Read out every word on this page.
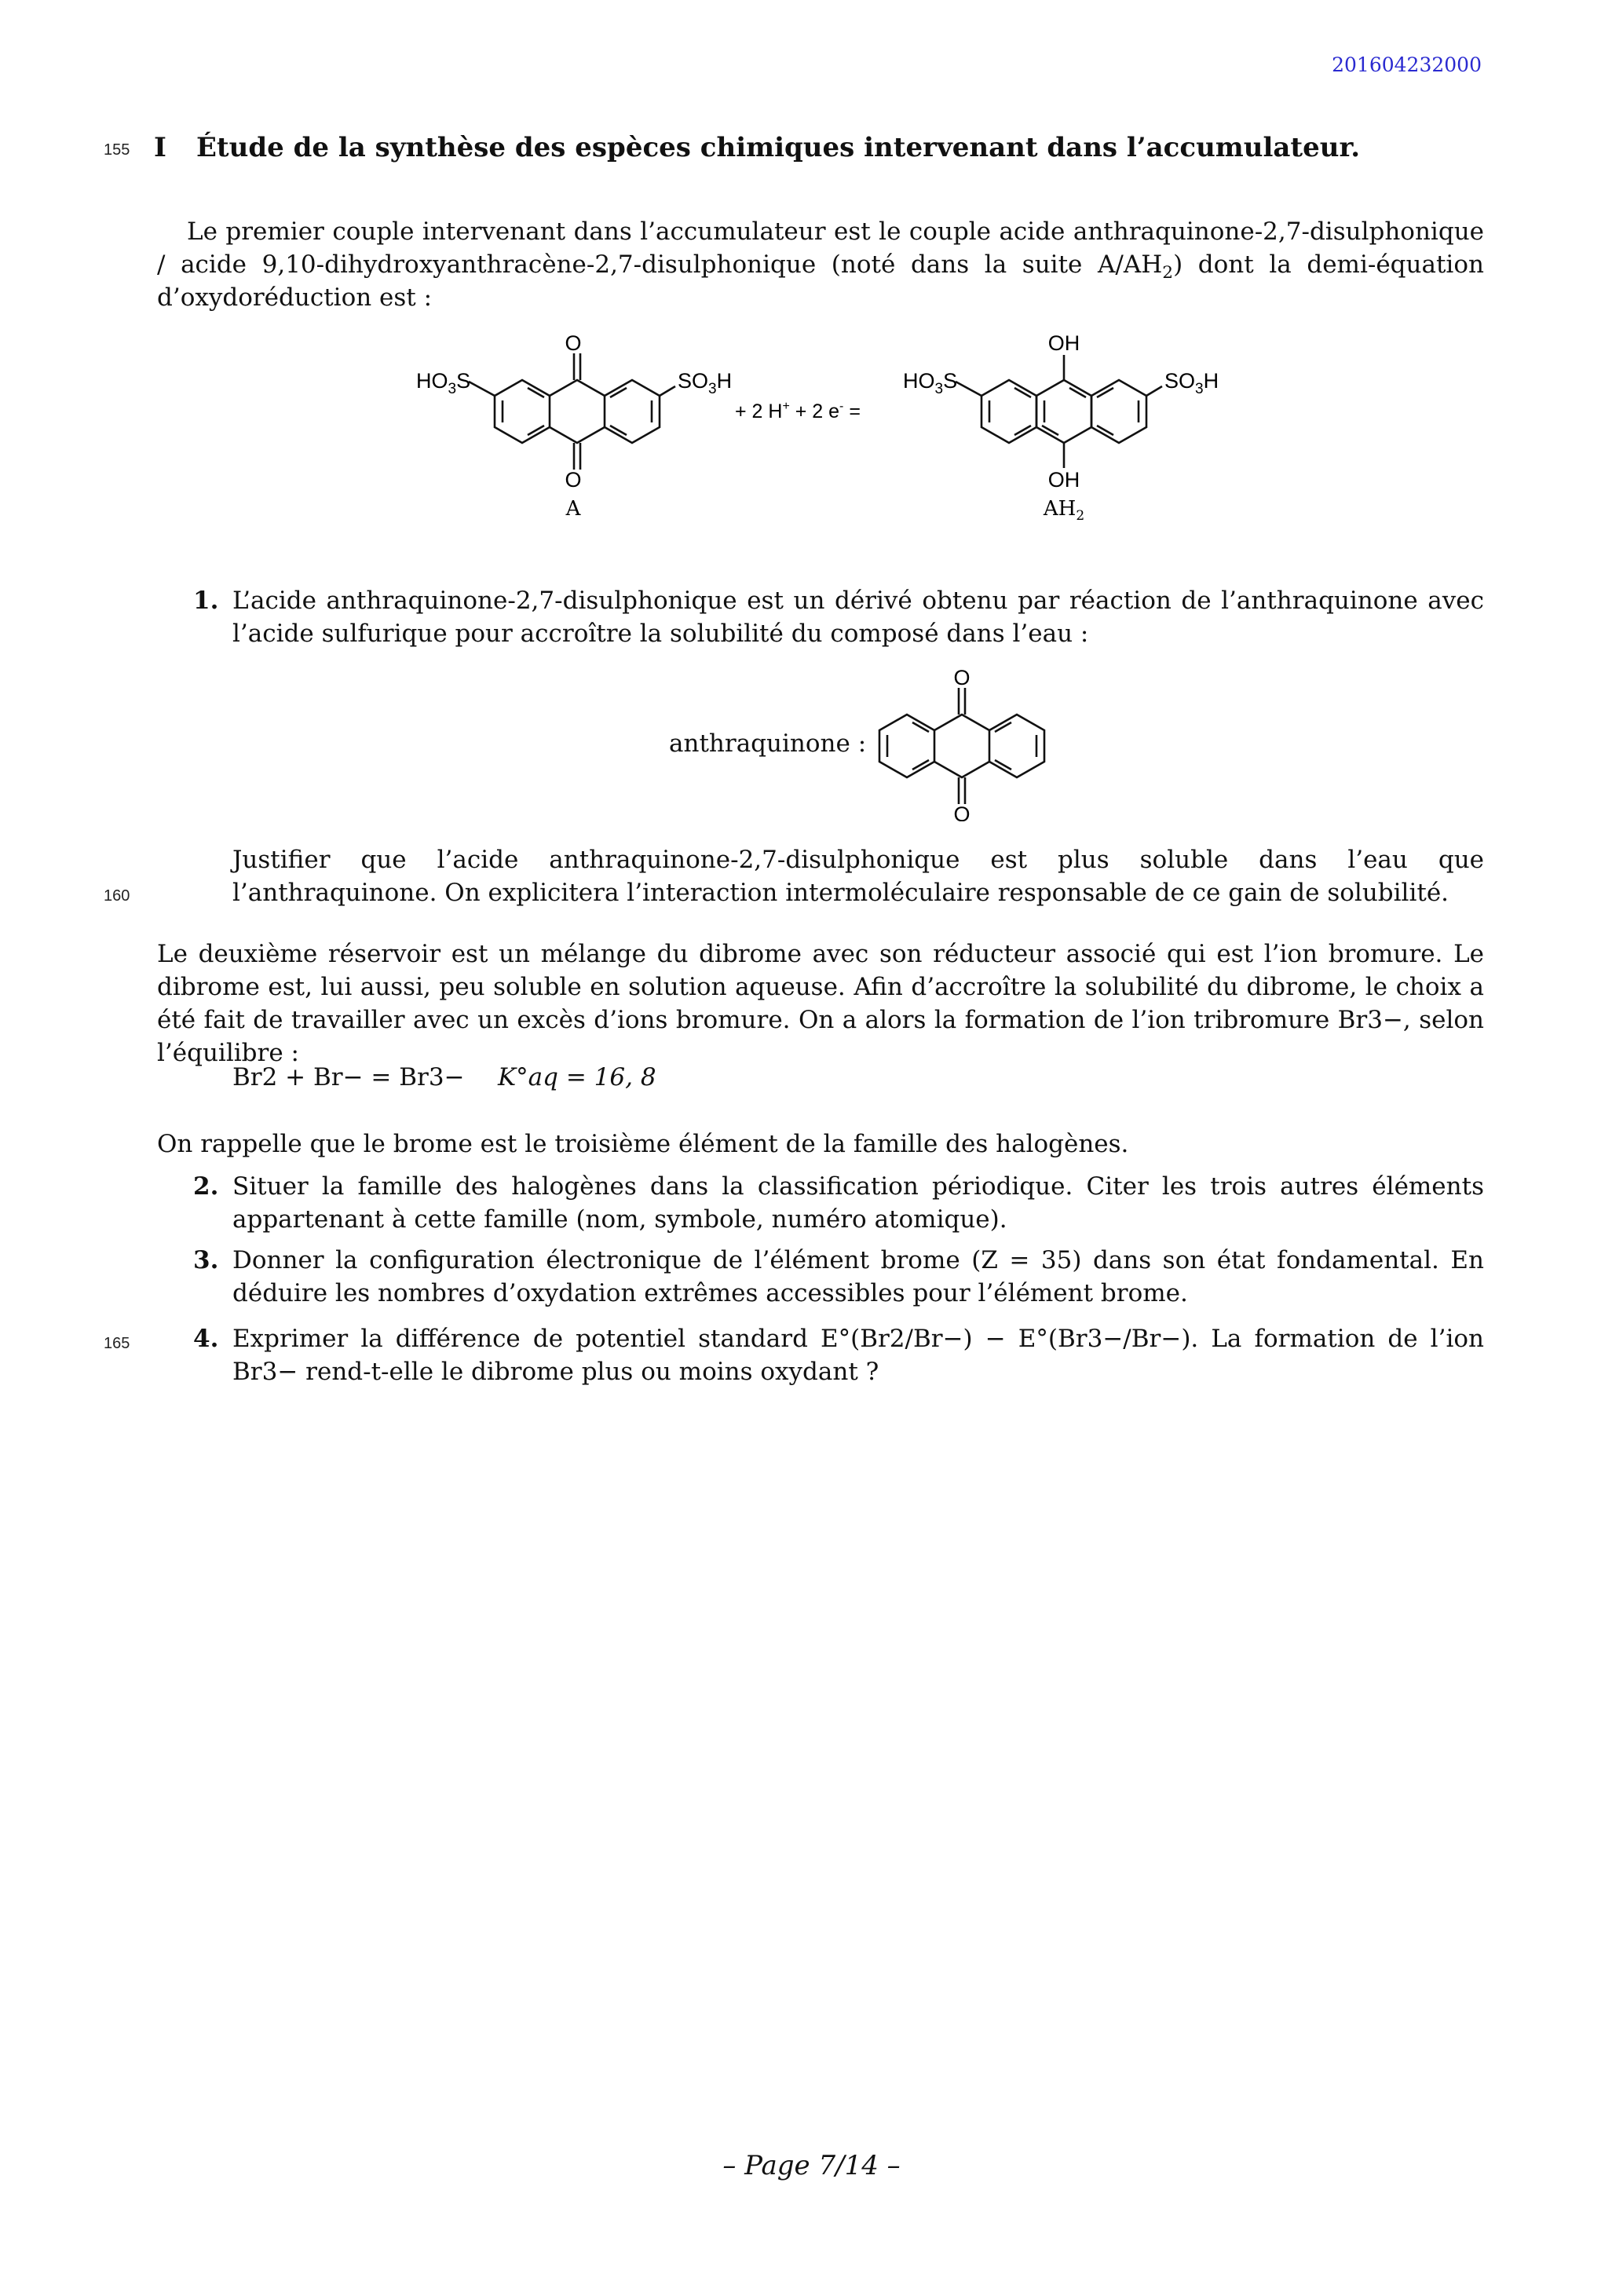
201604232000
155
160
165
I Étude de la synthèse des espèces chimiques intervenant dans l’accumulateur.
Le premier couple intervenant dans l’accumulateur est le couple acide anthraquinone-2,7-disulphonique / acide 9,10-dihydroxyanthracène-2,7-disulphonique (noté dans la suite $A/AH_2$) dont la demi-équation d’oxydoréduction est :
O
O
$HO_3S$	$SO_3H$
A
+ 2 H+ + 2 e- =
OH
OH
$HO_3S$	$SO_3H$
$AH_2$
1. L’acide anthraquinone-2,7-disulphonique est un dérivé obtenu par réaction de l’anthraquinone avec l’acide sulfurique pour accroître la solubilité du composé dans l’eau :
anthraquinone :
O
O
Justifier que l’acide anthraquinone-2,7-disulphonique est plus soluble dans l’eau que l’anthraquinone. On explicitera l’interaction intermoléculaire responsable de ce gain de solubilité.
Le deuxième réservoir est un mélange du dibrome avec son réducteur associé qui est l’ion bromure. Le dibrome est, lui aussi, peu soluble en solution aqueuse. Afin d’accroître la solubilité du dibrome, le choix a été fait de travailler avec un excès d’ions bromure. On a alors la formation de l’ion tribromure Br3−, selon l’équilibre :
Br2 + Br− = Br3− K°aq = 16, 8
On rappelle que le brome est le troisième élément de la famille des halogènes.
2. Situer la famille des halogènes dans la classification périodique. Citer les trois autres éléments appartenant à cette famille (nom, symbole, numéro atomique).
3. Donner la configuration électronique de l’élément brome (Z = 35) dans son état fondamental. En déduire les nombres d’oxydation extrêmes accessibles pour l’élément brome.
4. Exprimer la différence de potentiel standard E°(Br2/Br−) − E°(Br3−/Br−). La formation de l’ion Br3− rend-t-elle le dibrome plus ou moins oxydant ?
– Page 7/14 –
